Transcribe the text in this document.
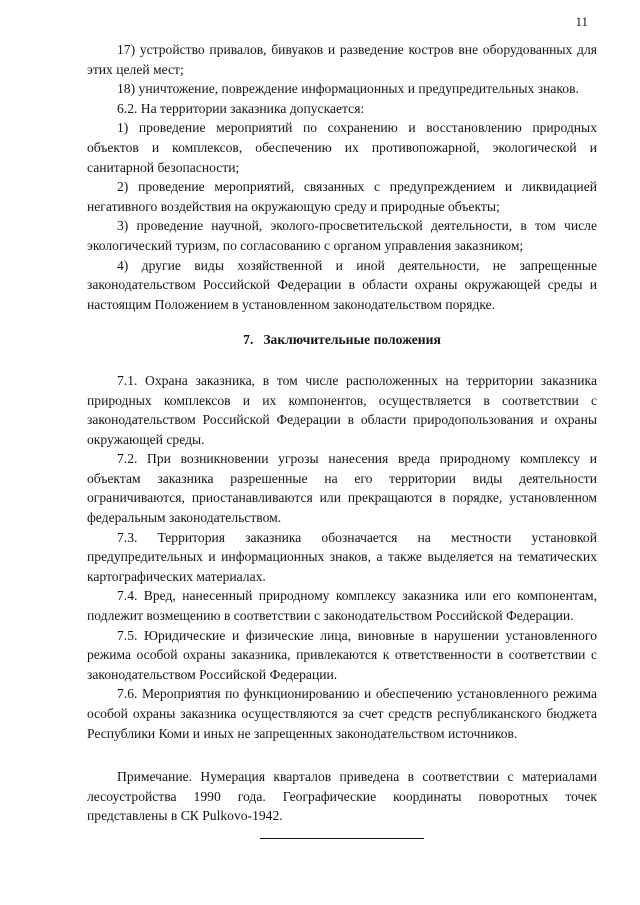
11

17) устройство привалов, бивуаков и разведение костров вне оборудованных для этих целей мест;

18) уничтожение, повреждение информационных и предупредительных знаков.

6.2. На территории заказника допускается:

1) проведение мероприятий по сохранению и восстановлению природных объектов и комплексов, обеспечению их противопожарной, экологической и санитарной безопасности;

2) проведение мероприятий, связанных с предупреждением и ликвидацией негативного воздействия на окружающую среду и природные объекты;

3) проведение научной, эколого-просветительской деятельности, в том числе экологический туризм, по согласованию с органом управления заказником;

4) другие виды хозяйственной и иной деятельности, не запрещенные законодательством Российской Федерации в области охраны окружающей среды и настоящим Положением в установленном законодательством порядке.

7. Заключительные положения

7.1. Охрана заказника, в том числе расположенных на территории заказника природных комплексов и их компонентов, осуществляется в соответствии с законодательством Российской Федерации в области природопользования и охраны окружающей среды.

7.2. При возникновении угрозы нанесения вреда природному комплексу и объектам заказника разрешенные на его территории виды деятельности ограничиваются, приостанавливаются или прекращаются в порядке, установленном федеральным законодательством.

7.3. Территория заказника обозначается на местности установкой предупредительных и информационных знаков, а также выделяется на тематических картографических материалах.

7.4. Вред, нанесенный природному комплексу заказника или его компонентам, подлежит возмещению в соответствии с законодательством Российской Федерации.

7.5. Юридические и физические лица, виновные в нарушении установленного режима особой охраны заказника, привлекаются к ответственности в соответствии с законодательством Российской Федерации.

7.6. Мероприятия по функционированию и обеспечению установленного режима особой охраны заказника осуществляются за счет средств республиканского бюджета Республики Коми и иных не запрещенных законодательством источников.

Примечание. Нумерация кварталов приведена в соответствии с материалами лесоустройства 1990 года. Географические координаты поворотных точек представлены в СК Pulkovo-1942.
